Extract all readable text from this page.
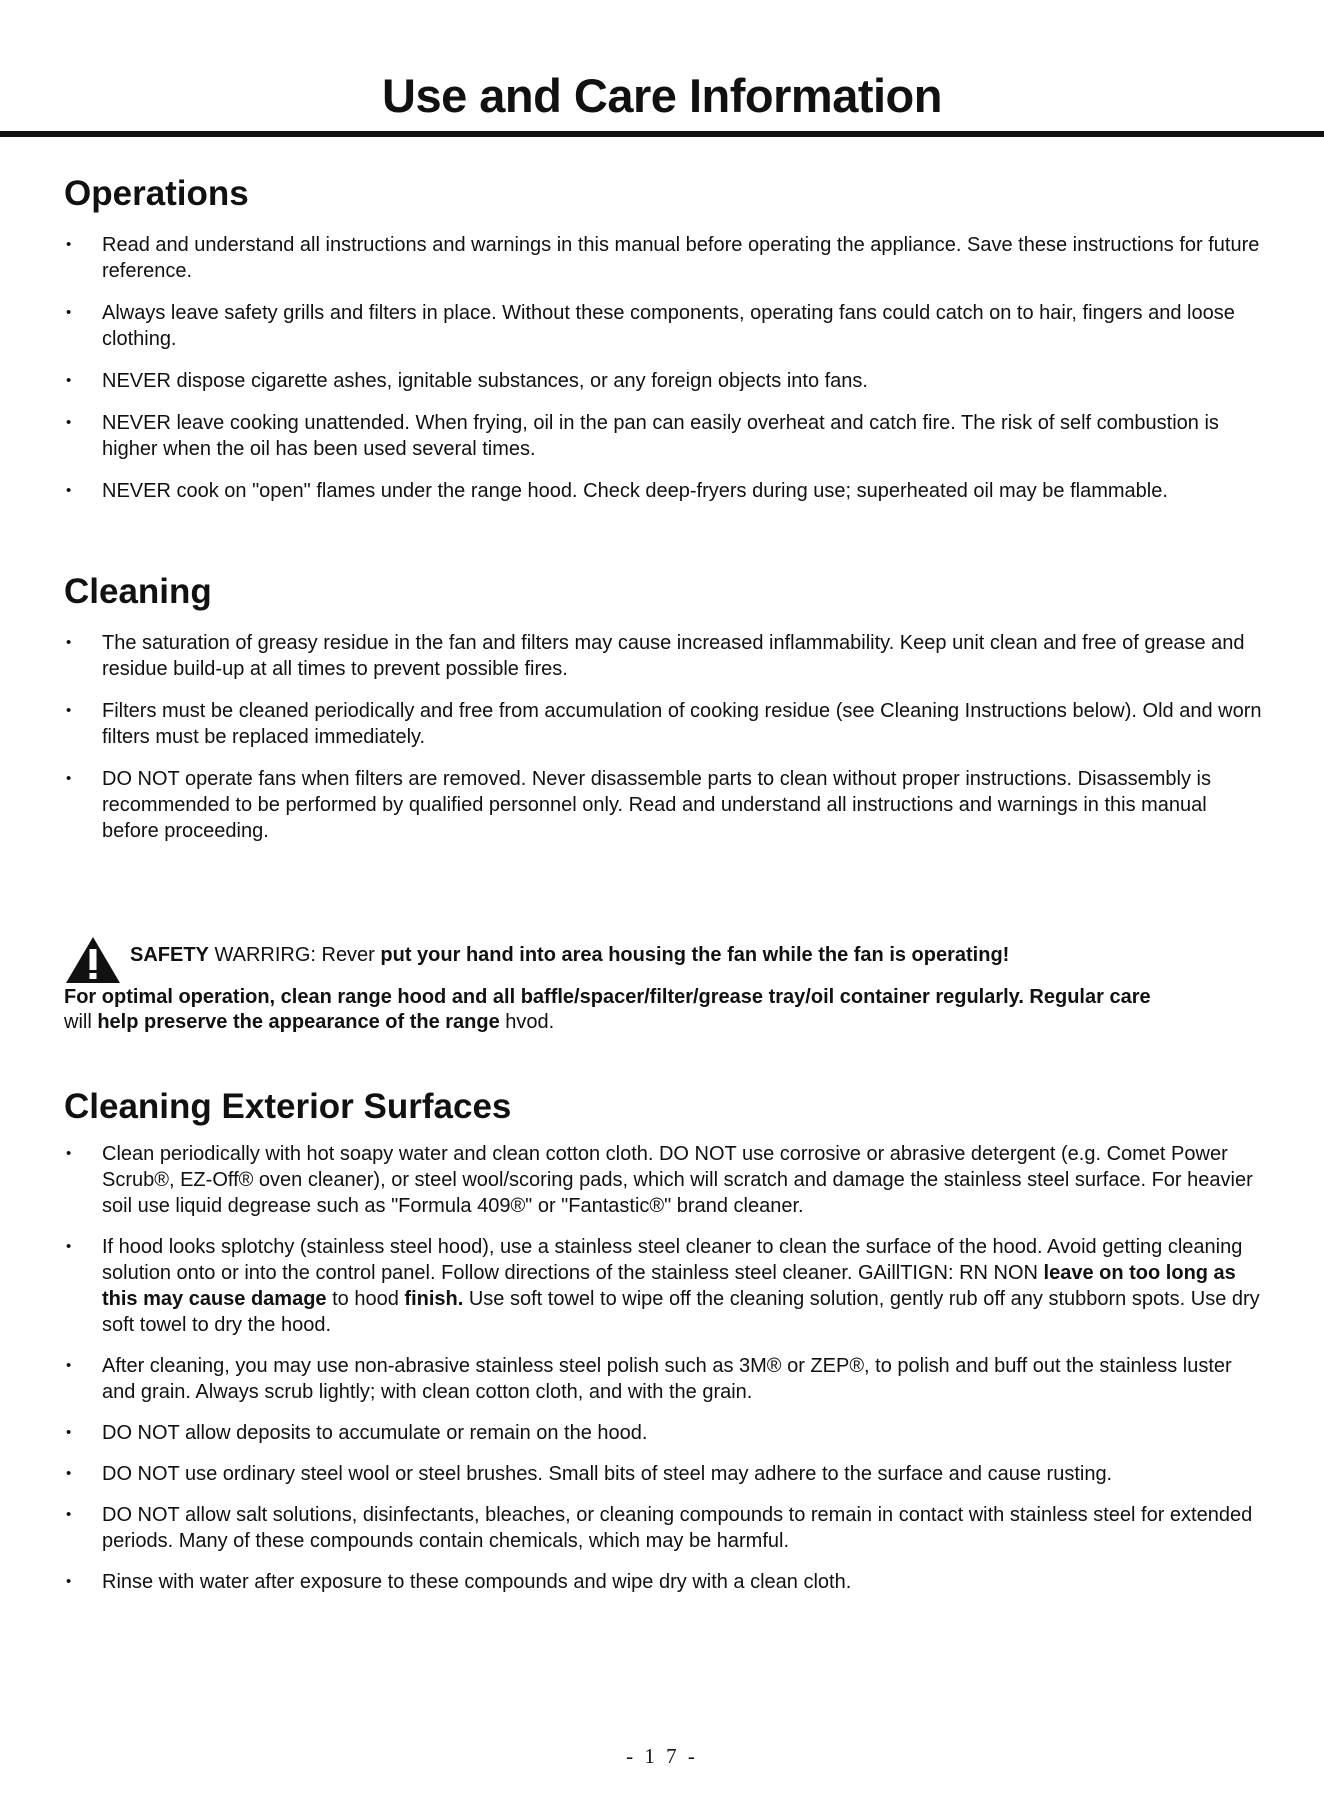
Use and Care Information
Operations
• Read and understand all instructions and warnings in this manual before operating the appliance. Save these instructions for future reference.
• Always leave safety grills and filters in place. Without these components, operating fans could catch on to hair, fingers and loose clothing.
• NEVER dispose cigarette ashes, ignitable substances, or any foreign objects into fans.
• NEVER leave cooking unattended. When frying, oil in the pan can easily overheat and catch fire. The risk of self combustion is higher when the oil has been used several times.
• NEVER cook on "open" flames under the range hood. Check deep-fryers during use; superheated oil may be flammable.
Cleaning
• The saturation of greasy residue in the fan and filters may cause increased inflammability. Keep unit clean and free of grease and residue build-up at all times to prevent possible fires.
• Filters must be cleaned periodically and free from accumulation of cooking residue (see Cleaning Instructions below). Old and worn filters must be replaced immediately.
• DO NOT operate fans when filters are removed. Never disassemble parts to clean without proper instructions. Disassembly is recommended to be performed by qualified personnel only. Read and understand all instructions and warnings in this manual before proceeding.
SAFETY WARRIRG: Rever put your hand into area housing the fan while the fan is operating!
For optimal operation, clean range hood and all baffle/spacer/filter/grease tray/oil container regularly. Regular care
will help preserve the appearance of the range hvod.
Cleaning Exterior Surfaces
• Clean periodically with hot soapy water and clean cotton cloth. DO NOT use corrosive or abrasive detergent (e.g. Comet Power Scrub®, EZ-Off® oven cleaner), or steel wool/scoring pads, which will scratch and damage the stainless steel surface. For heavier soil use liquid degrease such as "Formula 409®" or "Fantastic®" brand cleaner.
• If hood looks splotchy (stainless steel hood), use a stainless steel cleaner to clean the surface of the hood. Avoid getting cleaning solution onto or into the control panel. Follow directions of the stainless steel cleaner. GAillTIGN: RN NON leave on too long as this may cause damage to hood finish. Use soft towel to wipe off the cleaning solution, gently rub off any stubborn spots. Use dry soft towel to dry the hood.
• After cleaning, you may use non-abrasive stainless steel polish such as 3M® or ZEP®, to polish and buff out the stainless luster and grain. Always scrub lightly; with clean cotton cloth, and with the grain.
• DO NOT allow deposits to accumulate or remain on the hood.
• DO NOT use ordinary steel wool or steel brushes. Small bits of steel may adhere to the surface and cause rusting.
• DO NOT allow salt solutions, disinfectants, bleaches, or cleaning compounds to remain in contact with stainless steel for extended periods. Many of these compounds contain chemicals, which may be harmful.
• Rinse with water after exposure to these compounds and wipe dry with a clean cloth.
- 1 7 -
